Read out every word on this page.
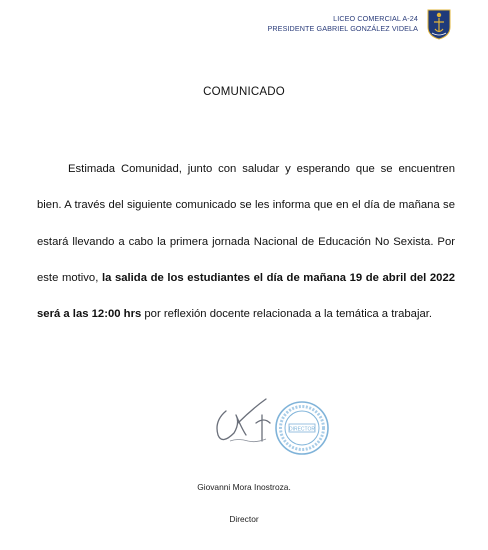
LICEO COMERCIAL A-24
PRESIDENTE GABRIEL GONZÁLEZ VIDELA
COMUNICADO

Estimada Comunidad, junto con saludar y esperando que se encuentren bien. A través del siguiente comunicado se les informa que en el día de mañana se estará llevando a cabo la primera jornada Nacional de Educación No Sexista. Por este motivo, la salida de los estudiantes el día de mañana 19 de abril del 2022 será a las 12:00 hrs por reflexión docente relacionada a la temática a trabajar.

DIRECTOR
Giovanni Mora Inostroza.
Director
